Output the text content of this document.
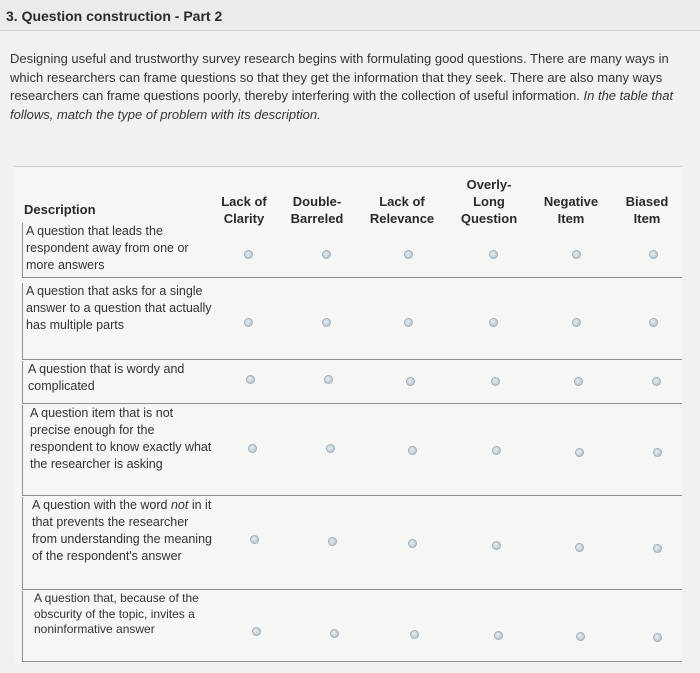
3. Question construction - Part 2

Designing useful and trustworthy survey research begins with formulating good questions. There are many ways in which researchers can frame questions so that they get the information that they seek. There are also many ways researchers can frame questions poorly, thereby interfering with the collection of useful information. In the table that follows, match the type of problem with its description.

Description
Lack of Clarity
Double-Barreled
Lack of Relevance
Overly-Long Question
Negative Item
Biased Item
A question that leads the respondent away from one or more answers
A question that asks for a single answer to a question that actually has multiple parts
A question that is wordy and complicated
A question item that is not precise enough for the respondent to know exactly what the researcher is asking
A question with the word not in it that prevents the researcher from understanding the meaning of the respondent's answer
A question that, because of the obscurity of the topic, invites a noninformative answer
